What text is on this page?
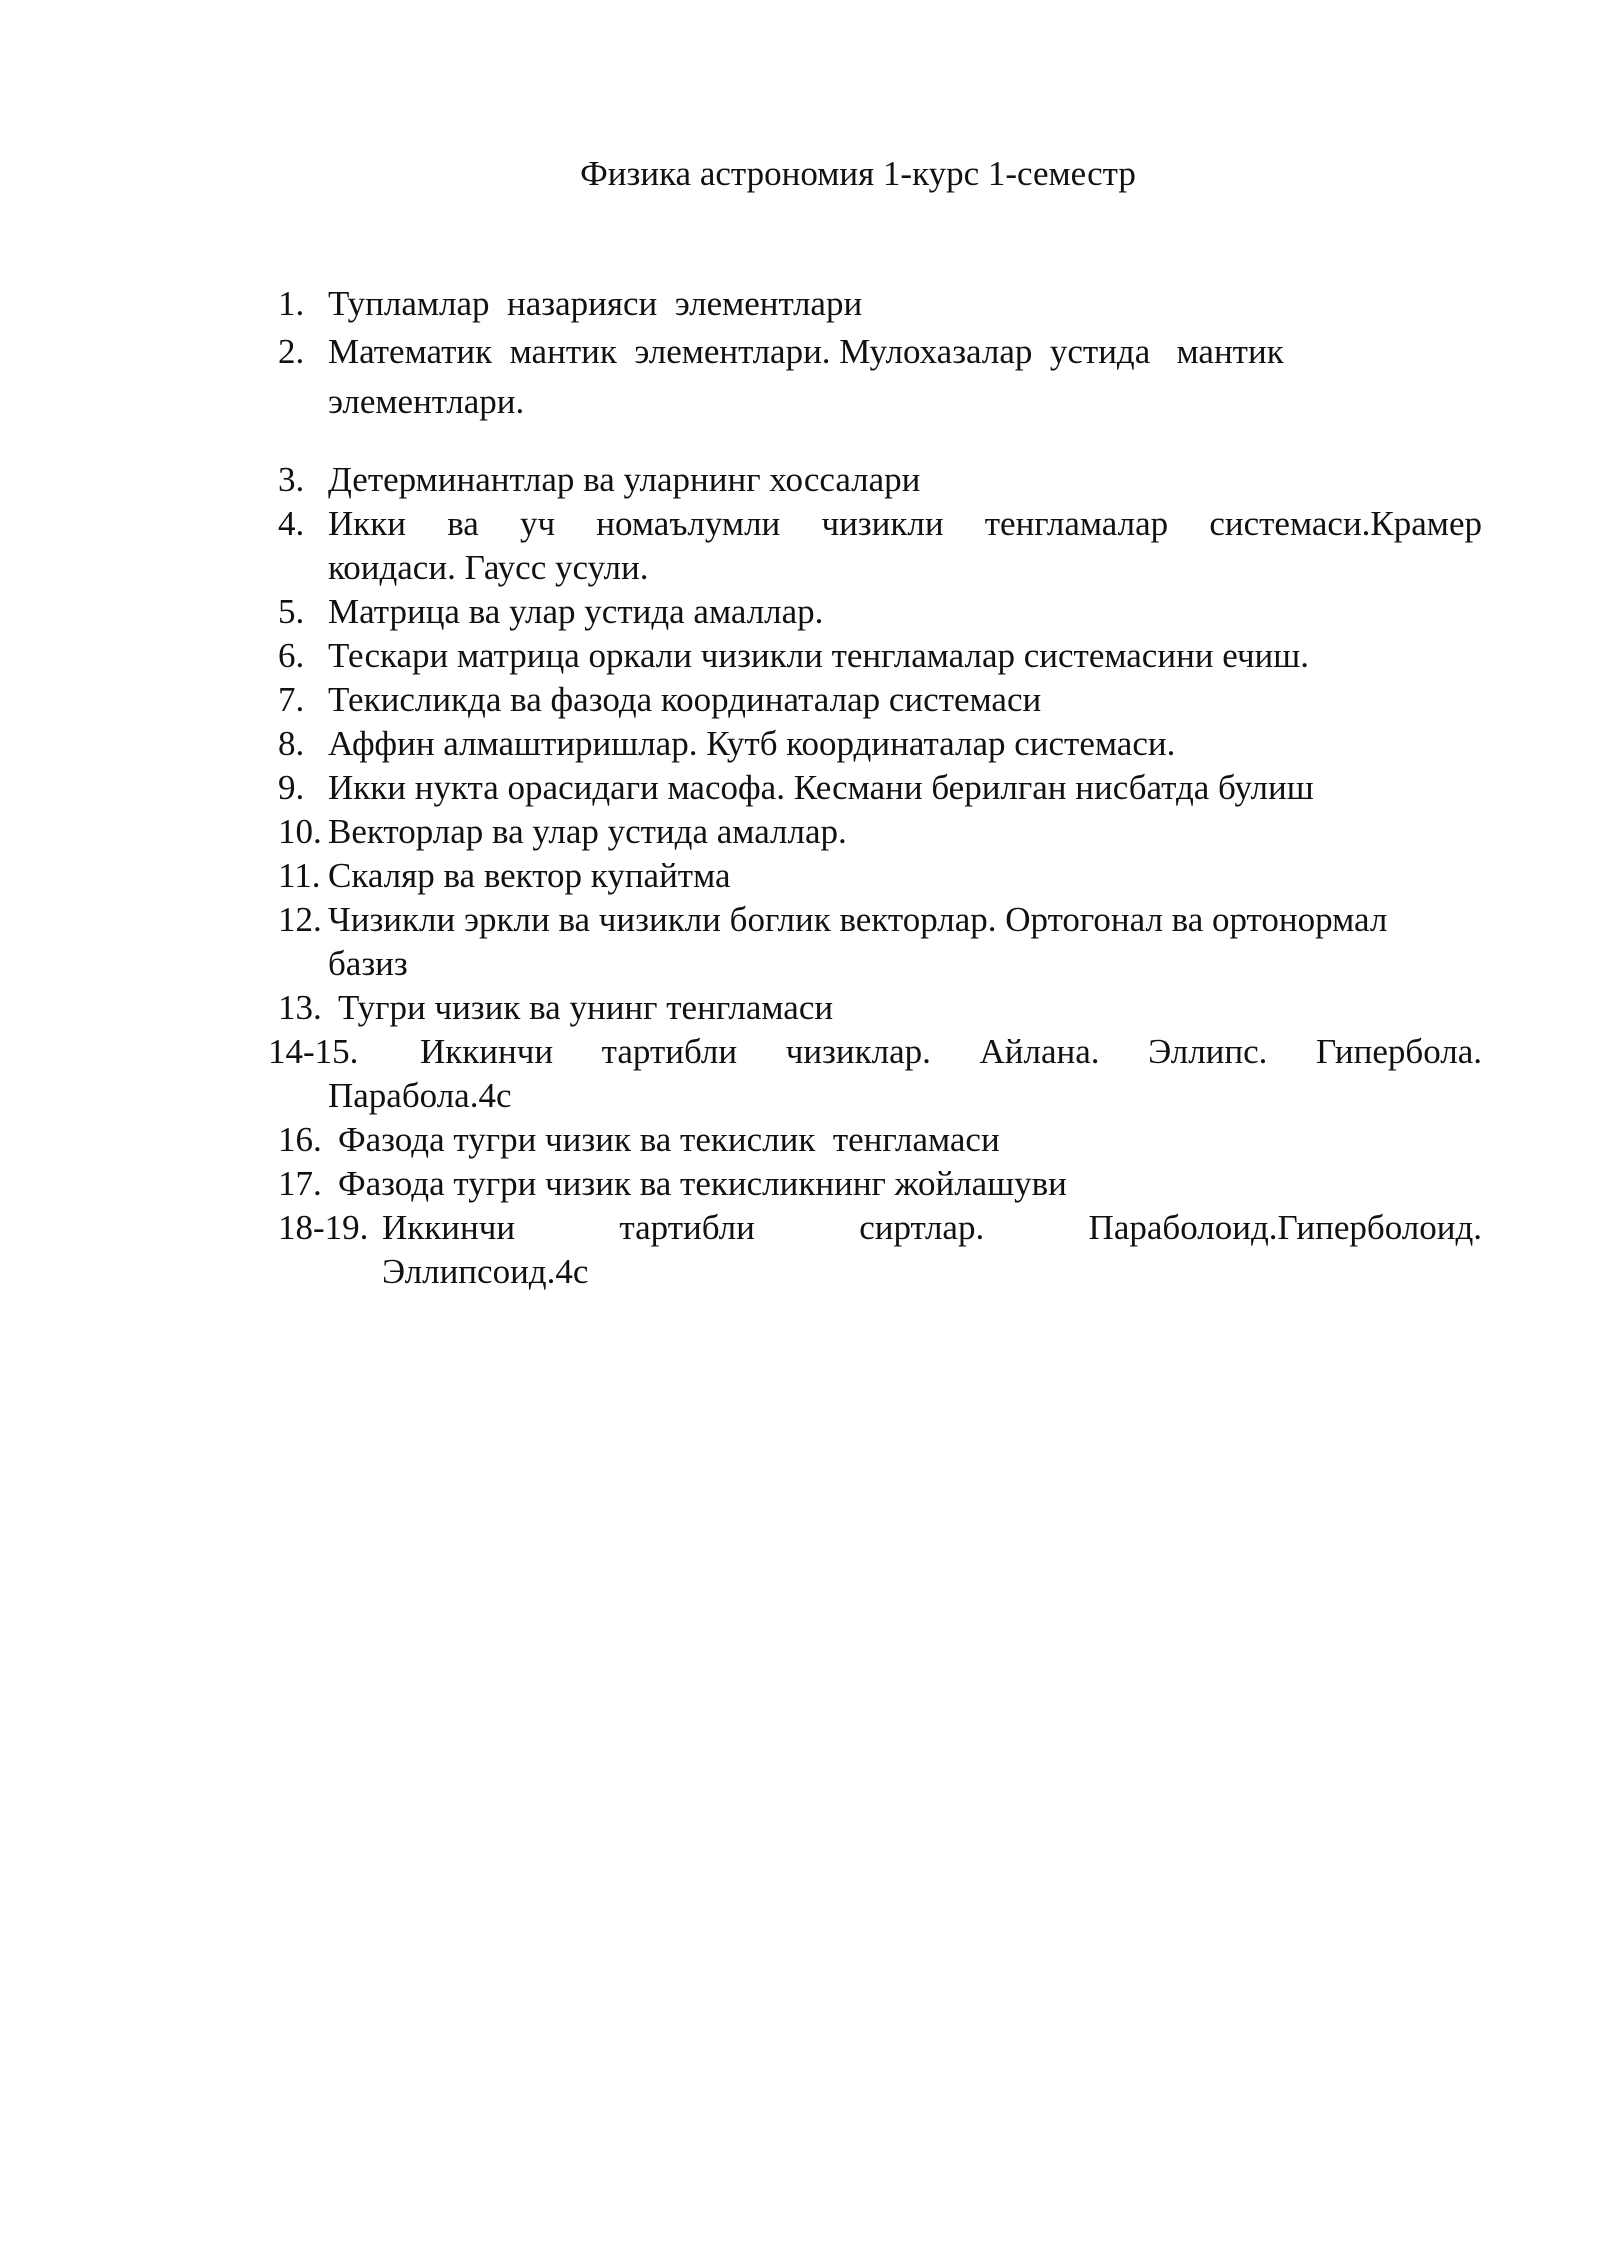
Физика астрономия 1-курс 1-семестр
1. Тупламлар  назарияси  элементлари
2. Математик  мантик  элементлари. Мулохазалар  устида   мантик
элементлари.
3. Детерминантлар ва уларнинг хоссалари
4. Икки ва уч номаълумли чизикли тенгламалар системаси.Крамер
коидаси. Гаусс усули.
5. Матрица ва улар устида амаллар.
6. Тескари матрица оркали чизикли тенгламалар системасини ечиш.
7. Текисликда ва фазода координаталар системаси
8. Аффин алмаштиришлар. Кутб координаталар системаси.
9. Икки нукта орасидаги масофа. Кесмани берилган нисбатда булиш
10. Векторлар ва улар устида амаллар.
11. Скаляр ва вектор купайтма
12. Чизикли эркли ва чизикли боглик векторлар. Ортогонал ва ортонормал
базиз
13. Тугри чизик ва унинг тенгламаси
14-15. Иккинчи тартибли чизиклар. Айлана. Эллипс. Гипербола.
Парабола.4с
16. Фазода тугри чизик ва текислик  тенгламаси
17. Фазода тугри чизик ва текисликнинг жойлашуви
18-19. Иккинчи тартибли сиртлар. Параболоид.Гиперболоид.
Эллипсоид.4с
